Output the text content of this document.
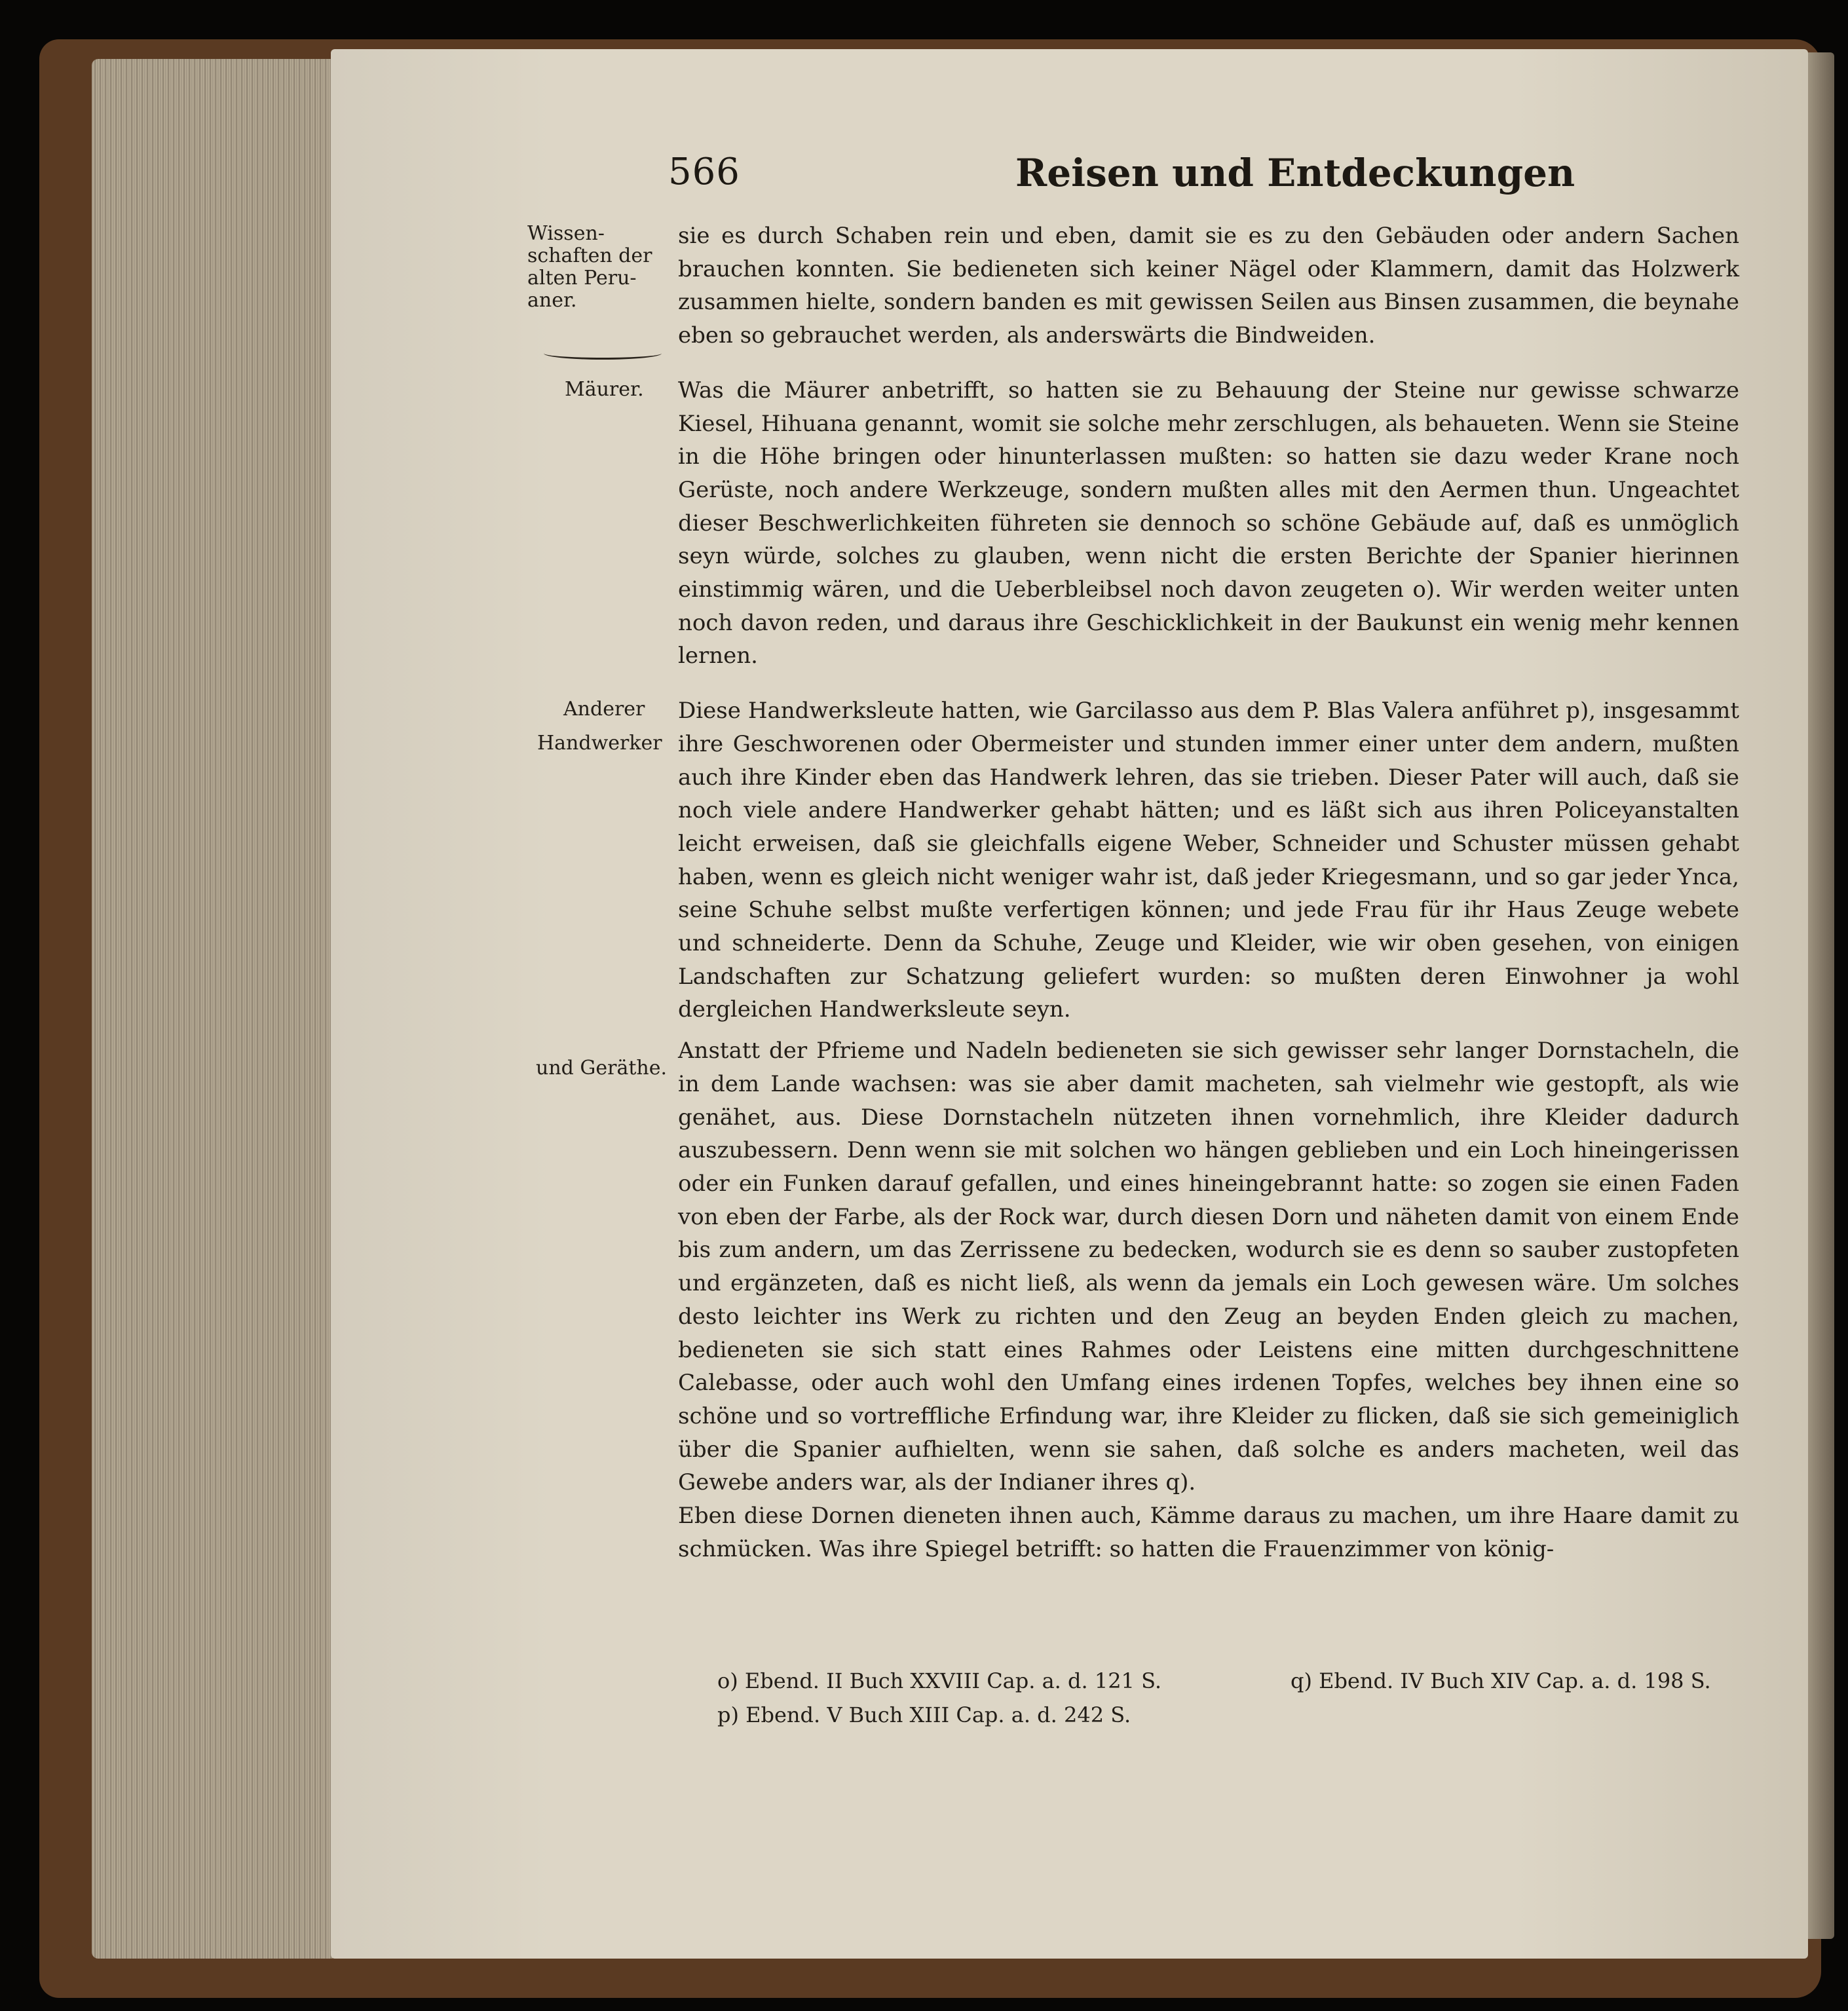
566	Reisen und Entdeckungen
Wissen-
schaften der
alten Peru-
aner.
Mäurer.
Anderer
Handwerker
und Geräthe.

sie es durch Schaben rein und eben, damit sie es zu den Gebäuden oder andern Sachen brauchen konnten. Sie bedieneten sich keiner Nägel oder Klammern, damit das Holzwerk zusammen hielte, sondern banden es mit gewissen Seilen aus Binsen zusammen, die beynahe eben so gebrauchet werden, als anderswärts die Bindweiden.

Was die Mäurer anbetrifft, so hatten sie zu Behauung der Steine nur gewisse schwarze Kiesel, Hihuana genannt, womit sie solche mehr zerschlugen, als behaueten. Wenn sie Steine in die Höhe bringen oder hinunterlassen mußten: so hatten sie dazu weder Krane noch Gerüste, noch andere Werkzeuge, sondern mußten alles mit den Aermen thun. Ungeachtet dieser Beschwerlichkeiten führeten sie dennoch so schöne Gebäude auf, daß es unmöglich seyn würde, solches zu glauben, wenn nicht die ersten Berichte der Spanier hierinnen einstimmig wären, und die Ueberbleibsel noch davon zeugeten o). Wir werden weiter unten noch davon reden, und daraus ihre Geschicklichkeit in der Baukunst ein wenig mehr kennen lernen.

Diese Handwerksleute hatten, wie Garcilasso aus dem P. Blas Valera anführet p), insgesammt ihre Geschworenen oder Obermeister und stunden immer einer unter dem andern, mußten auch ihre Kinder eben das Handwerk lehren, das sie trieben. Dieser Pater will auch, daß sie noch viele andere Handwerker gehabt hätten; und es läßt sich aus ihren Policeyanstalten leicht erweisen, daß sie gleichfalls eigene Weber, Schneider und Schuster müssen gehabt haben, wenn es gleich nicht weniger wahr ist, daß jeder Kriegesmann, und so gar jeder Ynca, seine Schuhe selbst mußte verfertigen können; und jede Frau für ihr Haus Zeuge webete und schneiderte. Denn da Schuhe, Zeuge und Kleider, wie wir oben gesehen, von einigen Landschaften zur Schatzung geliefert wurden: so mußten deren Einwohner ja wohl dergleichen Handwerksleute seyn.

Anstatt der Pfrieme und Nadeln bedieneten sie sich gewisser sehr langer Dornstacheln, die in dem Lande wachsen: was sie aber damit macheten, sah vielmehr wie gestopft, als wie genähet, aus. Diese Dornstacheln nützeten ihnen vornehmlich, ihre Kleider dadurch auszubessern. Denn wenn sie mit solchen wo hängen geblieben und ein Loch hineingerissen oder ein Funken darauf gefallen, und eines hineingebrannt hatte: so zogen sie einen Faden von eben der Farbe, als der Rock war, durch diesen Dorn und näheten damit von einem Ende bis zum andern, um das Zerrissene zu bedecken, wodurch sie es denn so sauber zustopfeten und ergänzeten, daß es nicht ließ, als wenn da jemals ein Loch gewesen wäre. Um solches desto leichter ins Werk zu richten und den Zeug an beyden Enden gleich zu machen, bedieneten sie sich statt eines Rahmes oder Leistens eine mitten durchgeschnittene Calebasse, oder auch wohl den Umfang eines irdenen Topfes, welches bey ihnen eine so schöne und so vortreffliche Erfindung war, ihre Kleider zu flicken, daß sie sich gemeiniglich über die Spanier aufhielten, wenn sie sahen, daß solche es anders macheten, weil das Gewebe anders war, als der Indianer ihres q).

Eben diese Dornen dieneten ihnen auch, Kämme daraus zu machen, um ihre Haare damit zu schmücken. Was ihre Spiegel betrifft: so hatten die Frauenzimmer von könig-

o) Ebend. II Buch XXVIII Cap. a. d. 121 S.	q) Ebend. IV Buch XIV Cap. a. d. 198 S.
p) Ebend. V Buch XIII Cap. a. d. 242 S.
